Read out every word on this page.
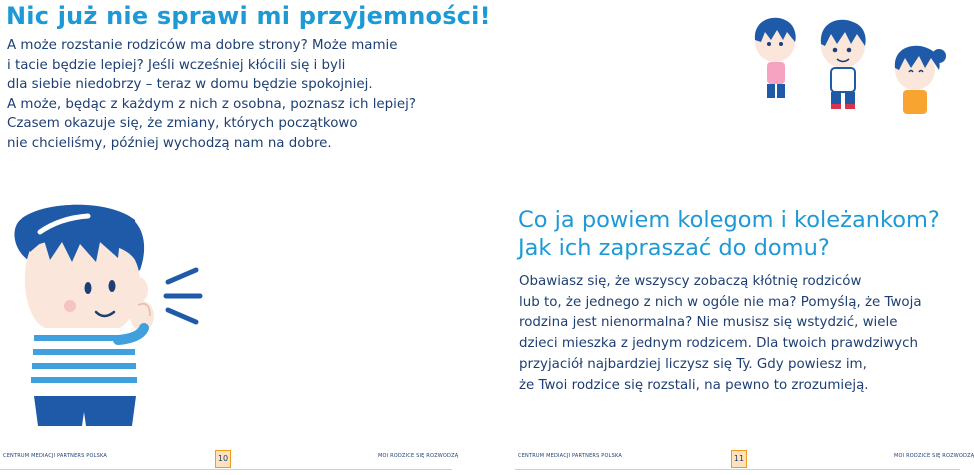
Nic już nie sprawi mi przyjemności!
A może rozstanie rodziców ma dobre strony? Może mamie
i tacie będzie lepiej? Jeśli wcześniej kłócili się i byli
dla siebie niedobrzy – teraz w domu będzie spokojniej.
A może, będąc z każdym z nich z osobna, poznasz ich lepiej?
Czasem okazuje się, że zmiany, których początkowo
nie chcieliśmy, później wychodzą nam na dobre.
CENTRUM MEDIACJI PARTNERS POLSKA	10	MOI RODZICE SIĘ ROZWODZĄ
Co ja powiem kolegom i koleżankom?
Jak ich zapraszać do domu?
Obawiasz się, że wszyscy zobaczą kłótnię rodziców
lub to, że jednego z nich w ogóle nie ma? Pomyślą, że Twoja
rodzina jest nienormalna? Nie musisz się wstydzić, wiele
dzieci mieszka z jednym rodzicem. Dla twoich prawdziwych
przyjaciół najbardziej liczysz się Ty. Gdy powiesz im,
że Twoi rodzice się rozstali, na pewno to zrozumieją.
CENTRUM MEDIACJI PARTNERS POLSKA	11	MOI RODZICE SIĘ ROZWODZĄ
